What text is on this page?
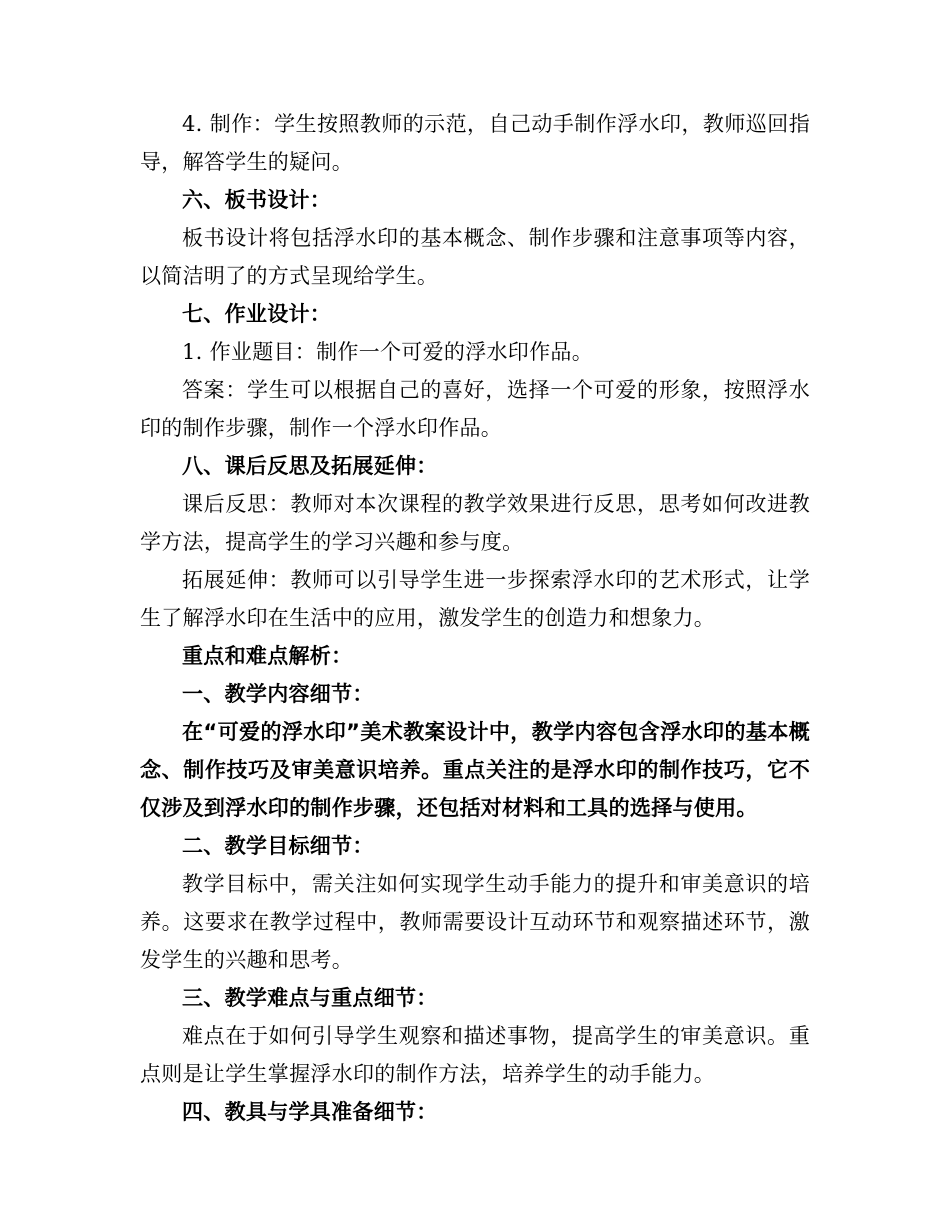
4. 制作：学生按照教师的示范，自己动手制作浮水印，教师巡回指导，解答学生的疑问。

六、板书设计：

板书设计将包括浮水印的基本概念、制作步骤和注意事项等内容，以简洁明了的方式呈现给学生。

七、作业设计：

1. 作业题目：制作一个可爱的浮水印作品。

答案：学生可以根据自己的喜好，选择一个可爱的形象，按照浮水印的制作步骤，制作一个浮水印作品。

八、课后反思及拓展延伸：

课后反思：教师对本次课程的教学效果进行反思，思考如何改进教学方法，提高学生的学习兴趣和参与度。

拓展延伸：教师可以引导学生进一步探索浮水印的艺术形式，让学生了解浮水印在生活中的应用，激发学生的创造力和想象力。

重点和难点解析：

一、教学内容细节：

在“可爱的浮水印”美术教案设计中，教学内容包含浮水印的基本概念、制作技巧及审美意识培养。重点关注的是浮水印的制作技巧，它不仅涉及到浮水印的制作步骤，还包括对材料和工具的选择与使用。

二、教学目标细节：

教学目标中，需关注如何实现学生动手能力的提升和审美意识的培养。这要求在教学过程中，教师需要设计互动环节和观察描述环节，激发学生的兴趣和思考。

三、教学难点与重点细节：

难点在于如何引导学生观察和描述事物，提高学生的审美意识。重点则是让学生掌握浮水印的制作方法，培养学生的动手能力。

四、教具与学具准备细节：
